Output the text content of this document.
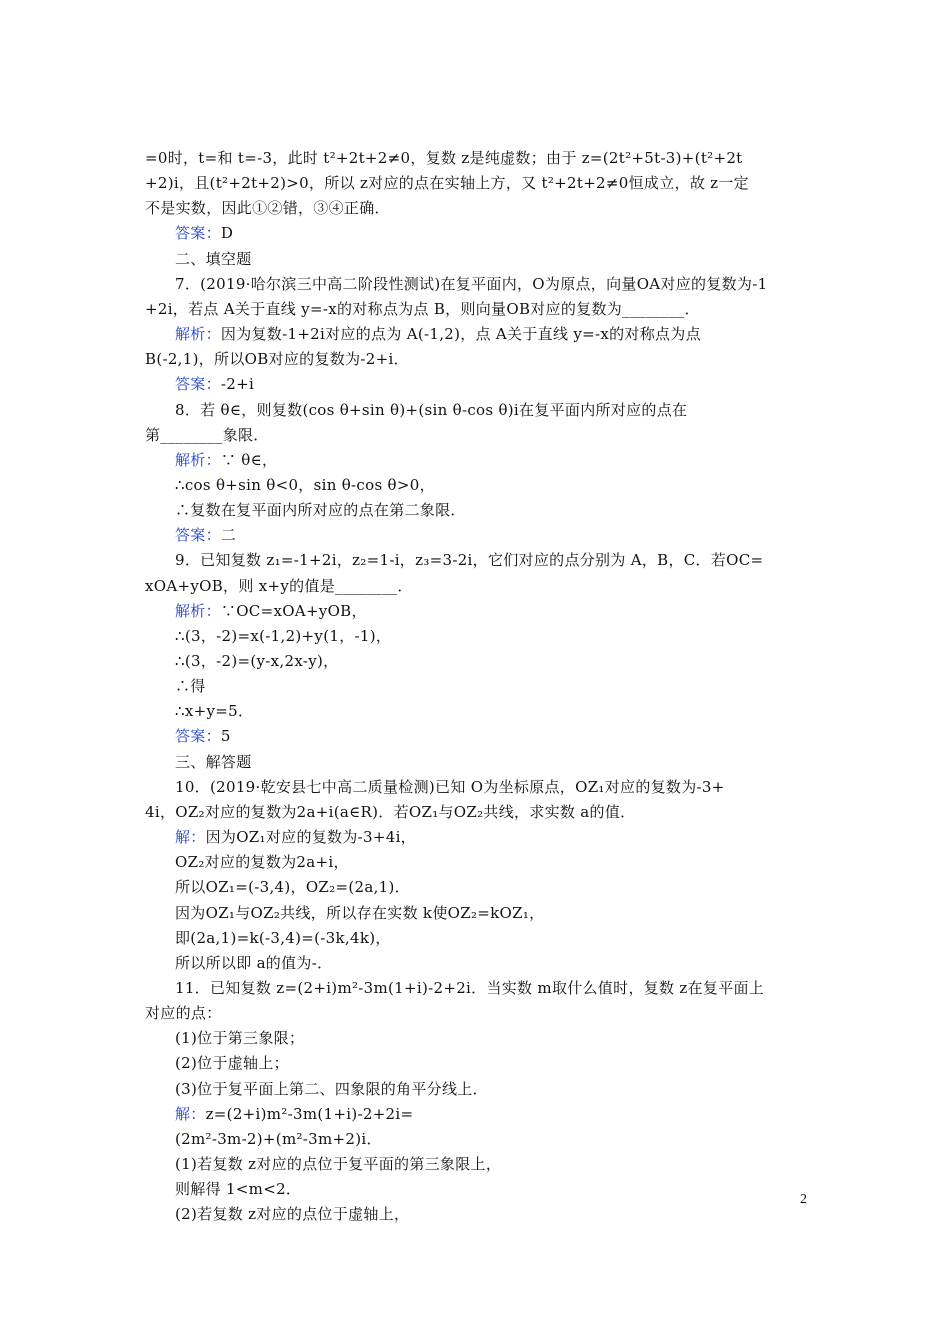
=0时，t=和 t=-3，此时 t²+2t+2≠0，复数 z是纯虚数；由于 z=(2t²+5t-3)+(t²+2t
+2)i，且(t²+2t+2)>0，所以 z对应的点在实轴上方，又 t²+2t+2≠0恒成立，故 z一定
不是实数，因此①②错，③④正确．
答案：D
二、填空题
7．(2019·哈尔滨三中高二阶段性测试)在复平面内，O为原点，向量OA对应的复数为-1
+2i，若点 A关于直线 y=-x的对称点为点 B，则向量OB对应的复数为________．
解析：因为复数-1+2i对应的点为 A(-1,2)，点 A关于直线 y=-x的对称点为点
B(-2,1)，所以OB对应的复数为-2+i．
答案：-2+i
8．若 θ∈，则复数(cos θ+sin θ)+(sin θ-cos θ)i在复平面内所对应的点在
第________象限．
解析：∵ θ∈，
∴cos θ+sin θ<0，sin θ-cos θ>0，
∴复数在复平面内所对应的点在第二象限．
答案：二
9．已知复数 z₁=-1+2i，z₂=1-i，z₃=3-2i，它们对应的点分别为 A，B，C．若OC=
xOA+yOB，则 x+y的值是________．
解析：∵OC=xOA+yOB，
∴(3，-2)=x(-1,2)+y(1，-1)，
∴(3，-2)=(y-x,2x-y)，
∴得
∴x+y=5．
答案：5
三、解答题
10．(2019·乾安县七中高二质量检测)已知 O为坐标原点，OZ₁对应的复数为-3+
4i，OZ₂对应的复数为2a+i(a∈R)．若OZ₁与OZ₂共线，求实数 a的值．
解：因为OZ₁对应的复数为-3+4i，
OZ₂对应的复数为2a+i，
所以OZ₁=(-3,4)，OZ₂=(2a,1)．
因为OZ₁与OZ₂共线，所以存在实数 k使OZ₂=kOZ₁，
即(2a,1)=k(-3,4)=(-3k,4k)，
所以所以即 a的值为-．
11．已知复数 z=(2+i)m²-3m(1+i)-2+2i．当实数 m取什么值时，复数 z在复平面上
对应的点：
(1)位于第三象限；
(2)位于虚轴上；
(3)位于复平面上第二、四象限的角平分线上．
解：z=(2+i)m²-3m(1+i)-2+2i=
(2m²-3m-2)+(m²-3m+2)i．
(1)若复数 z对应的点位于复平面的第三象限上，
则解得 1<m<2．
(2)若复数 z对应的点位于虚轴上，
2
